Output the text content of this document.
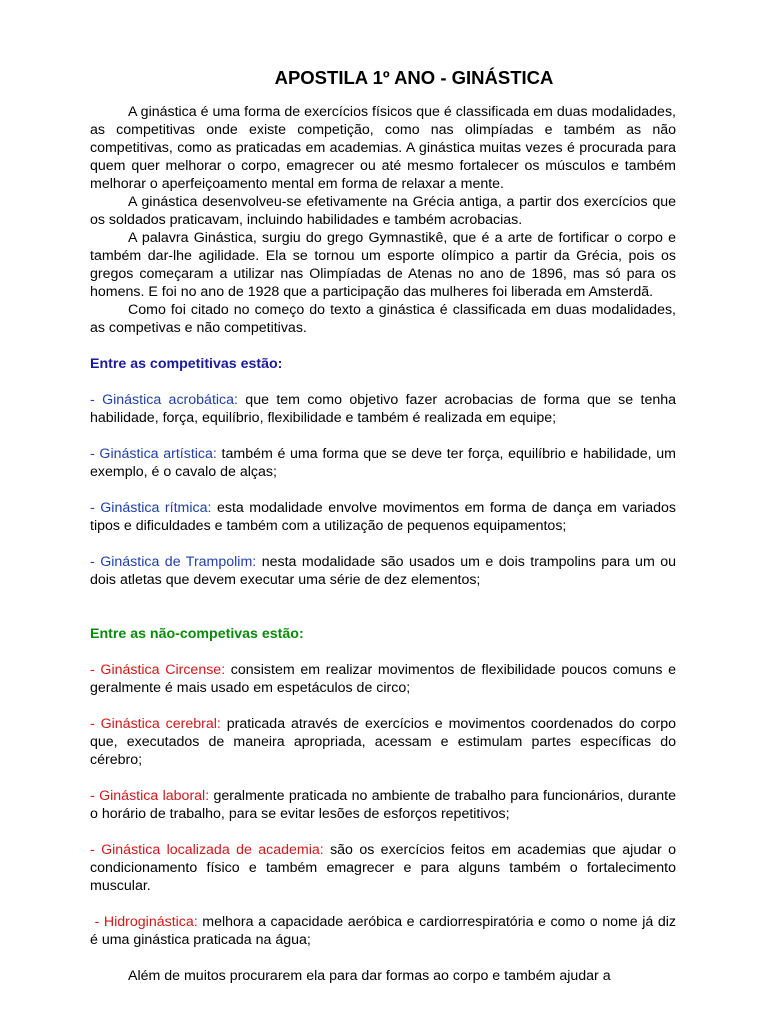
APOSTILA 1º ANO - GINÁSTICA

A ginástica é uma forma de exercícios físicos que é classificada em duas modalidades, as competitivas onde existe competição, como nas olimpíadas e também as não competitivas, como as praticadas em academias. A ginástica muitas vezes é procurada para quem quer melhorar o corpo, emagrecer ou até mesmo fortalecer os músculos e também melhorar o aperfeiçoamento mental em forma de relaxar a mente.

A ginástica desenvolveu-se efetivamente na Grécia antiga, a partir dos exercícios que os soldados praticavam, incluindo habilidades e também acrobacias.

A palavra Ginástica, surgiu do grego Gymnastikê, que é a arte de fortificar o corpo e também dar-lhe agilidade. Ela se tornou um esporte olímpico a partir da Grécia, pois os gregos começaram a utilizar nas Olimpíadas de Atenas no ano de 1896, mas só para os homens. E foi no ano de 1928 que a participação das mulheres foi liberada em Amsterdã.

Como foi citado no começo do texto a ginástica é classificada em duas modalidades, as competivas e não competitivas.

Entre as competitivas estão:

- Ginástica acrobática: que tem como objetivo fazer acrobacias de forma que se tenha habilidade, força, equilíbrio, flexibilidade e também é realizada em equipe;

- Ginástica artística: também é uma forma que se deve ter força, equilíbrio e habilidade, um exemplo, é o cavalo de alças;

- Ginástica rítmica: esta modalidade envolve movimentos em forma de dança em variados tipos e dificuldades e também com a utilização de pequenos equipamentos;

- Ginástica de Trampolim: nesta modalidade são usados um e dois trampolins para um ou dois atletas que devem executar uma série de dez elementos;

Entre as não-competivas estão:

- Ginástica Circense: consistem em realizar movimentos de flexibilidade poucos comuns e geralmente é mais usado em espetáculos de circo;

- Ginástica cerebral: praticada através de exercícios e movimentos coordenados do corpo que, executados de maneira apropriada, acessam e estimulam partes específicas do cérebro;

- Ginástica laboral: geralmente praticada no ambiente de trabalho para funcionários, durante o horário de trabalho, para se evitar lesões de esforços repetitivos;

- Ginástica localizada de academia: são os exercícios feitos em academias que ajudar o condicionamento físico e também emagrecer e para alguns também o fortalecimento muscular.

- Hidroginástica: melhora a capacidade aeróbica e cardiorrespiratória e como o nome já diz é uma ginástica praticada na água;

Além de muitos procurarem ela para dar formas ao corpo e também ajudar a
